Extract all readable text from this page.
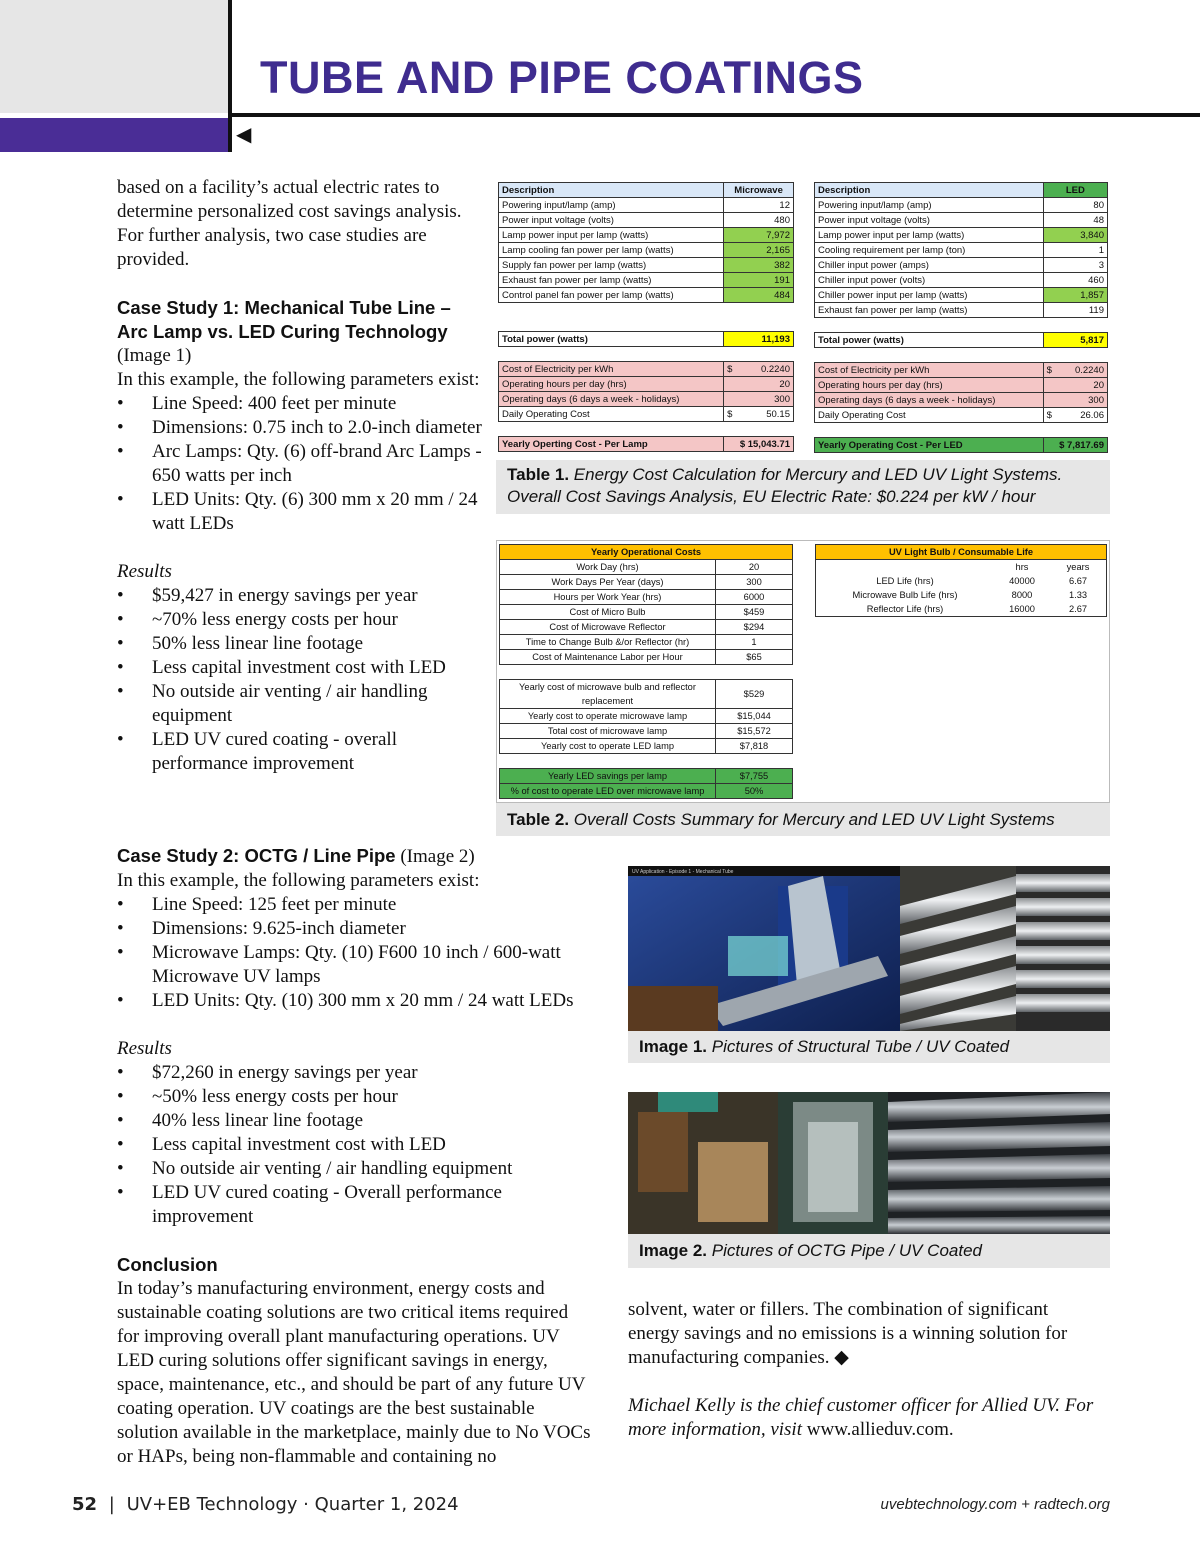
TUBE AND PIPE COATINGS
◀
based on a facility’s actual electric rates to determine personalized cost savings analysis. For further analysis, two case studies are provided.
Case Study 1: Mechanical Tube Line – Arc Lamp vs. LED Curing Technology
(Image 1)
In this example, the following parameters exist:
• Line Speed: 400 feet per minute
• Dimensions: 0.75 inch to 2.0-inch diameter
• Arc Lamps: Qty. (6) off-brand Arc Lamps - 650 watts per inch
• LED Units: Qty. (6) 300 mm x 20 mm / 24 watt LEDs
Results
• $59,427 in energy savings per year
• ~70% less energy costs per hour
• 50% less linear line footage
• Less capital investment cost with LED
• No outside air venting / air handling equipment
• LED UV cured coating - overall performance improvement
Case Study 2: OCTG / Line Pipe (Image 2)
In this example, the following parameters exist:
• Line Speed: 125 feet per minute
• Dimensions: 9.625-inch diameter
• Microwave Lamps: Qty. (10) F600 10 inch / 600-watt Microwave UV lamps
• LED Units: Qty. (10) 300 mm x 20 mm / 24 watt LEDs
Results
• $72,260 in energy savings per year
• ~50% less energy costs per hour
• 40% less linear line footage
• Less capital investment cost with LED
• No outside air venting / air handling equipment
• LED UV cured coating - Overall performance improvement
Conclusion
In today’s manufacturing environment, energy costs and sustainable coating solutions are two critical items required for improving overall plant manufacturing operations. UV LED curing solutions offer significant savings in energy, space, maintenance, etc., and should be part of any future UV coating operation. UV coatings are the best sustainable solution available in the marketplace, mainly due to No VOCs or HAPs, being non-flammable and containing no
solvent, water or fillers. The combination of significant energy savings and no emissions is a winning solution for manufacturing companies. ◆
Michael Kelly is the chief customer officer for Allied UV. For more information, visit www.allieduv.com.
Description	Microwave	
Powering input/lamp (amp)	12	
Power input voltage (volts)	480	
Lamp power input per lamp (watts)	7,972	
Lamp cooling fan power per lamp (watts)	2,165	
Supply fan power per lamp (watts)	382	
Exhaust fan power per lamp (watts)	191	
Control panel fan power per lamp (watts)	484	

Total power (watts)	11,193	

Cost of Electricity per kWh	$	0.2240
Operating hours per day (hrs)		20
Operating days (6 days a week - holidays)		300
Daily Operating Cost	$	50.15

Yearly Operting Cost - Per Lamp	$ 15,043.71	
Description	LED	
Powering input/lamp (amp)	80	
Power input voltage (volts)	48	
Lamp power input per lamp (watts)	3,840	
Cooling requirement per lamp (ton)	1	
Chiller input power (amps)	3	
Chiller input power (volts)	460	
Chiller power input per lamp (watts)	1,857	
Exhaust fan power per lamp (watts)	119	

Total power (watts)	5,817	

Cost of Electricity per kWh	$	0.2240
Operating hours per day (hrs)		20
Operating days (6 days a week - holidays)		300
Daily Operating Cost	$	26.06

Yearly Operating Cost - Per LED	$ 7,817.69	
Table 1. Energy Cost Calculation for Mercury and LED UV Light Systems. Overall Cost Savings Analysis, EU Electric Rate: $0.224 per kW / hour
Yearly Operational Costs	
Work Day (hrs)	20
Work Days Per Year (days)	300
Hours per Work Year (hrs)	6000
Cost of Micro Bulb	$459
Cost of Microwave Reflector	$294
Time to Change Bulb &/or Reflector (hr)	1
Cost of Maintenance Labor per Hour	$65

Yearly cost of microwave bulb and reflector replacement	$529
Yearly cost to operate microwave lamp	$15,044
Total cost of microwave lamp	$15,572
Yearly cost to operate LED lamp	$7,818

Yearly LED savings per lamp	$7,755
% of cost to operate LED over microwave lamp	50%
UV Light Bulb / Consumable Life		
	hrs	years
LED Life (hrs)	40000	6.67
Microwave Bulb Life (hrs)	8000	1.33
Reflector Life (hrs)	16000	2.67
Table 2. Overall Costs Summary for Mercury and LED UV Light Systems
UV Application - Episode 1 - Mechanical Tube
Image 1. Pictures of Structural Tube / UV Coated
Image 2. Pictures of OCTG Pipe / UV Coated
52 | UV+EB Technology · Quarter 1, 2024	uvebtechnology.com + radtech.org
